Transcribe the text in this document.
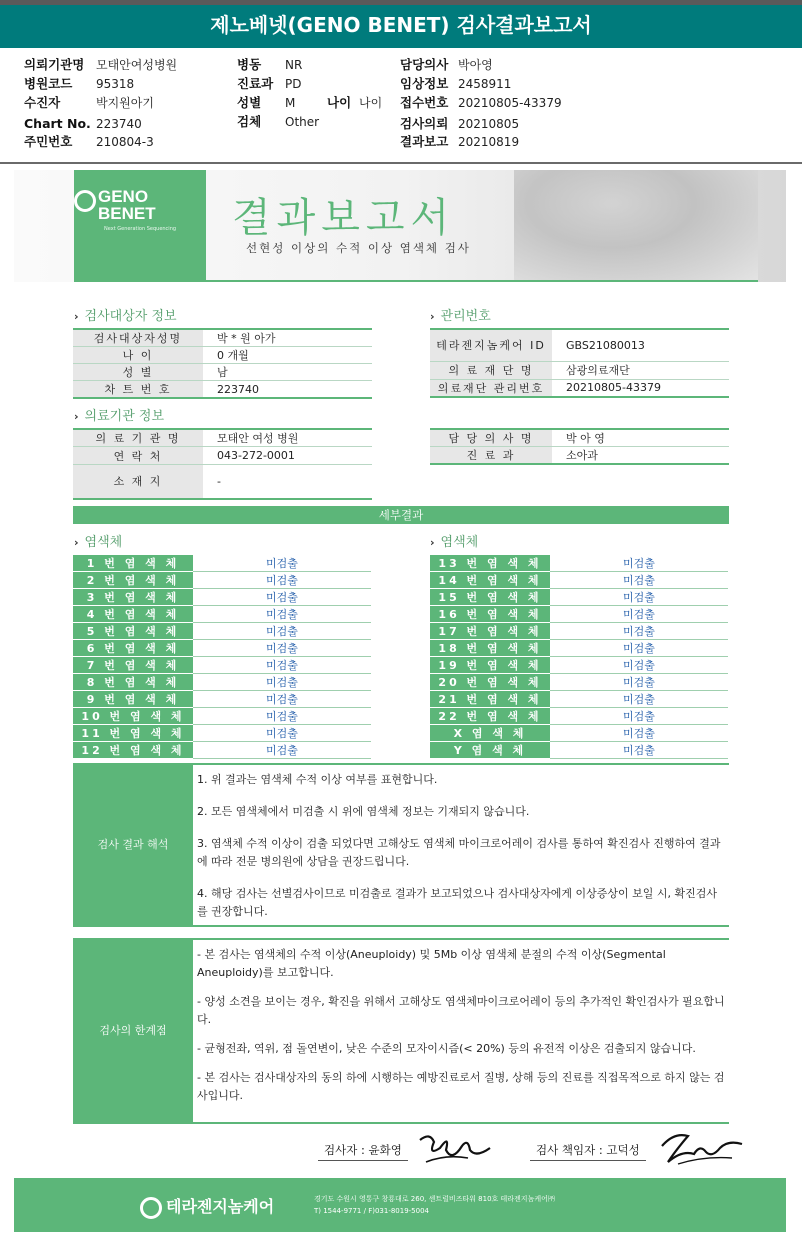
제노베넷(GENO BENET) 검사결과보고서
의뢰기관명 모태안여성병원
병원코드 95318
수진자	박지원아기
Chart No. 223740
주민번호 210804-3
병동 NR
진료과 PD
성별 M	나이 나이
검체 Other
담당의사 박아영
임상정보 2458911
접수번호 20210805-43379
검사의뢰 20210805
결과보고 20210819
GENO
BENET
Next Generation Sequencing	결과보고서
선현성 이상의 수적 이상 염색체 검사
› 검사대상자 정보
검사대상자성명	박 * 원 아가
나 이	0 개월
성 별	남
차 트 번 호	223740
› 관리번호
테라젠지놈케어 ID	GBS21080013
의 료 재 단 명	삼광의료재단
의료재단 관리번호	20210805-43379
› 의료기관 정보
의 료 기 관 명	모태안 여성 병원
연 락 처	043-272-0001
소 재 지	-
담 당 의 사 명	박 아 영
진 료 과	소아과
세부결과
› 염색체	› 염색체
1 번 염 색 체	미검출
2 번 염 색 체	미검출
3 번 염 색 체	미검출
4 번 염 색 체	미검출
5 번 염 색 체	미검출
6 번 염 색 체	미검출
7 번 염 색 체	미검출
8 번 염 색 체	미검출
9 번 염 색 체	미검출
10 번 염 색 체	미검출
11 번 염 색 체	미검출
12 번 염 색 체	미검출
13 번 염 색 체	미검출
14 번 염 색 체	미검출
15 번 염 색 체	미검출
16 번 염 색 체	미검출
17 번 염 색 체	미검출
18 번 염 색 체	미검출
19 번 염 색 체	미검출
20 번 염 색 체	미검출
21 번 염 색 체	미검출
22 번 염 색 체	미검출
X 염 색 체	미검출
Y 염 색 체	미검출
검사 결과 해석

1. 위 결과는 염색체 수적 이상 여부를 표현합니다.

2. 모든 염색체에서 미검출 시 위에 염색체 정보는 기재되지 않습니다.

3. 염색체 수적 이상이 검출 되었다면 고해상도 염색체 마이크로어레이 검사를 통하여 확진검사 진행하여 결과에 따라 전문 병의원에 상담을 권장드립니다.

4. 해당 검사는 선별검사이므로 미검출로 결과가 보고되었으나 검사대상자에게 이상증상이 보일 시, 확진검사를 권장합니다.

검사의 한계점

- 본 검사는 염색체의 수적 이상(Aneuploidy) 및 5Mb 이상 염색체 분절의 수적 이상(Segmental Aneuploidy)를 보고합니다.

- 양성 소견을 보이는 경우, 확진을 위해서 고해상도 염색체마이크로어레이 등의 추가적인 확인검사가 필요합니다.

- 균형전좌, 역위, 점 돌연변이, 낮은 수준의 모자이시즘(< 20%) 등의 유전적 이상은 검출되지 않습니다.

- 본 검사는 검사대상자의 동의 하에 시행하는 예방진료로서 질병, 상해 등의 진료를 직접목적으로 하지 않는 검사입니다.

검사자 : 윤화영	검사 책임자 : 고덕성
테라젠지놈케어	경기도 수원시 영통구 창룡대로 260, 센트럴비즈타워 810호 테라젠지놈케어㈜
T) 1544-9771 / F)031-8019-5004
